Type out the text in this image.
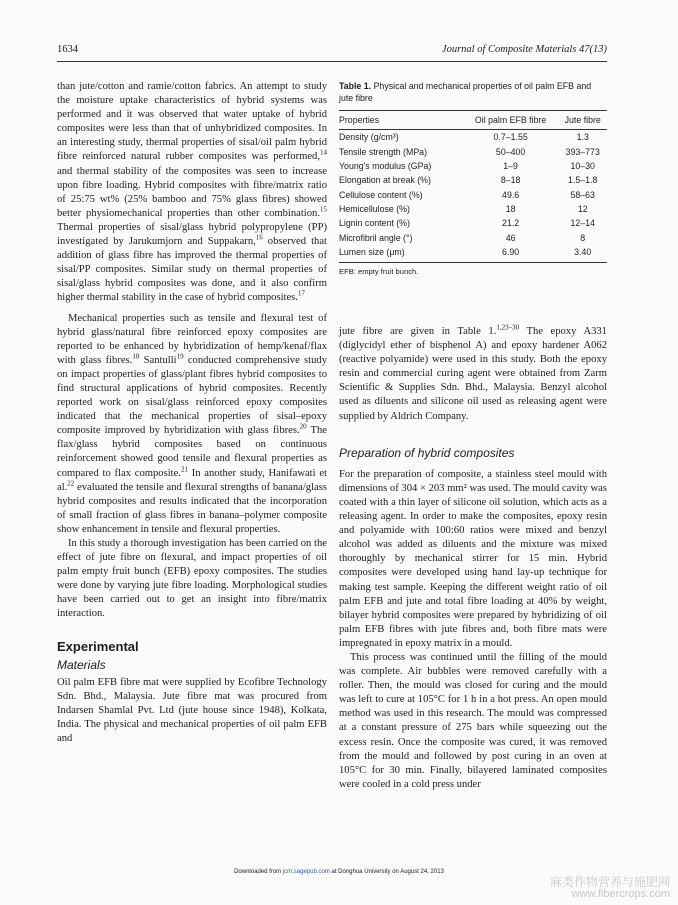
1634	Journal of Composite Materials 47(13)

than jute/cotton and ramie/cotton fabrics. An attempt to study the moisture uptake characteristics of hybrid systems was performed and it was observed that water uptake of hybrid composites were less than that of unhybridized composites. In an interesting study, thermal properties of sisal/oil palm hybrid fibre reinforced natural rubber composites was performed,$^{14}$ and thermal stability of the composites was seen to increase upon fibre loading. Hybrid composites with fibre/matrix ratio of 25:75 wt% (25% bamboo and 75% glass fibres) showed better physiomechanical properties than other combination.$^{15}$ Thermal properties of sisal/glass hybrid polypropylene (PP) investigated by Jarukumjorn and Suppakarn,$^{16}$ observed that addition of glass fibre has improved the thermal properties of sisal/PP composites. Similar study on thermal properties of sisal/glass hybrid composites was done, and it also confirm higher thermal stability in the case of hybrid composites.$^{17}$

Mechanical properties such as tensile and flexural test of hybrid glass/natural fibre reinforced epoxy composites are reported to be enhanced by hybridization of hemp/kenaf/flax with glass fibres.$^{18}$ Santulli$^{19}$ conducted comprehensive study on impact properties of glass/plant fibres hybrid composites to find structural applications of hybrid composites. Recently reported work on sisal/glass reinforced epoxy composites indicated that the mechanical properties of sisal–epoxy composite improved by hybridization with glass fibres.$^{20}$ The flax/glass hybrid composites based on continuous reinforcement showed good tensile and flexural properties as compared to flax composite.$^{21}$ In another study, Hanifawati et al.$^{22}$ evaluated the tensile and flexural strengths of banana/glass hybrid composites and results indicated that the incorporation of small fraction of glass fibres in banana–polymer composite show enhancement in tensile and flexural properties.

In this study a thorough investigation has been carried on the effect of jute fibre on flexural, and impact properties of oil palm empty fruit bunch (EFB) epoxy composites. The studies were done by varying jute fibre loading. Morphological studies have been carried out to get an insight into fibre/matrix interaction.

Experimental
Materials

Oil palm EFB fibre mat were supplied by Ecofibre Technology Sdn. Bhd., Malaysia. Jute fibre mat was procured from Indarsen Shamlal Pvt. Ltd (jute house since 1948), Kolkata, India. The physical and mechanical properties of oil palm EFB and

Table 1. Physical and mechanical properties of oil palm EFB and jute fibre
Properties	Oil palm EFB fibre	Jute fibre
Density (g/cm³)	0.7–1.55	1.3
Tensile strength (MPa)	50–400	393–773
Young's modulus (GPa)	1–9	10–30
Elongation at break (%)	8–18	1.5–1.8
Cellulose content (%)	49.6	58–63
Hemicellulose (%)	18	12
Lignin content (%)	21.2	12–14
Microfibril angle (°)	46	8
Lumen size (μm)	6.90	3.40
EFB: empty fruit bunch.

jute fibre are given in Table 1.$^{1,23-30}$ The epoxy A331 (diglycidyl ether of bisphenol A) and epoxy hardener A062 (reactive polyamide) were used in this study. Both the epoxy resin and commercial curing agent were obtained from Zarm Scientific & Supplies Sdn. Bhd., Malaysia. Benzyl alcohol used as diluents and silicone oil used as releasing agent were supplied by Aldrich Company.

Preparation of hybrid composites

For the preparation of composite, a stainless steel mould with dimensions of 304 × 203 mm² was used. The mould cavity was coated with a thin layer of silicone oil solution, which acts as a releasing agent. In order to make the composites, epoxy resin and polyamide with 100:60 ratios were mixed and benzyl alcohol was added as diluents and the mixture was mixed thoroughly by mechanical stirrer for 15 min. Hybrid composites were developed using hand lay-up technique for making test sample. Keeping the different weight ratio of oil palm EFB and jute and total fibre loading at 40% by weight, bilayer hybrid composites were prepared by hybridizing of oil palm EFB fibres with jute fibres and, both fibre mats were impregnated in epoxy matrix in a mould.

This process was continued until the filling of the mould was complete. Air bubbles were removed carefully with a roller. Then, the mould was closed for curing and the mould was left to cure at 105°C for 1 h in a hot press. An open mould method was used in this research. The mould was compressed at a constant pressure of 275 bars while squeezing out the excess resin. Once the composite was cured, it was removed from the mould and followed by post curing in an oven at 105°C for 30 min. Finally, bilayered laminated composites were cooled in a cold press under

Downloaded from jcm.sagepub.com at Donghua University on August 24, 2013
麻类作物营养与施肥网
www.fibercrops.com
